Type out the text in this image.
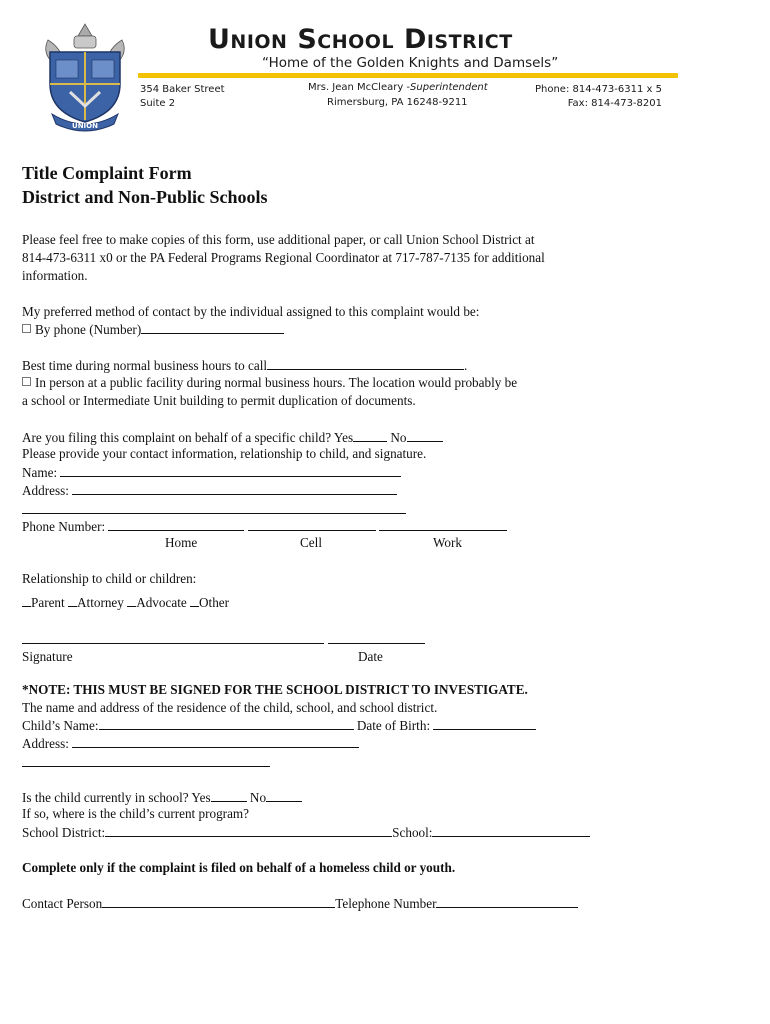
UNION
Union School District
“Home of the Golden Knights and Damsels”
354 Baker Street
Suite 2
Mrs. Jean McCleary -Superintendent
Rimersburg, PA 16248-9211
Phone: 814-473-6311 x 5
Fax: 814-473-8201
Title Complaint Form
District and Non-Public Schools
Please feel free to make copies of this form, use additional paper, or call Union School District at
814-473-6311 x0 or the PA Federal Programs Regional Coordinator at 717-787-7135 for additional
information.
My preferred method of contact by the individual assigned to this complaint would be:
By phone (Number)
Best time during normal business hours to call	.
In person at a public facility during normal business hours. The location would probably be
a school or Intermediate Unit building to permit duplication of documents.
Are you filing this complaint on behalf of a specific child? Yes	No
Please provide your contact information, relationship to child, and signature.
Name:
Address:
Phone Number:
Home	Cell	Work
Relationship to child or children:
Parent Attorney Advocate Other
Signature	Date
*NOTE: THIS MUST BE SIGNED FOR THE SCHOOL DISTRICT TO INVESTIGATE.
The name and address of the residence of the child, school, and school district.
Child’s Name:	Date of Birth:
Address:
Is the child currently in school? Yes	No
If so, where is the child’s current program?
School District:	School:
Complete only if the complaint is filed on behalf of a homeless child or youth.
Contact Person	Telephone Number
